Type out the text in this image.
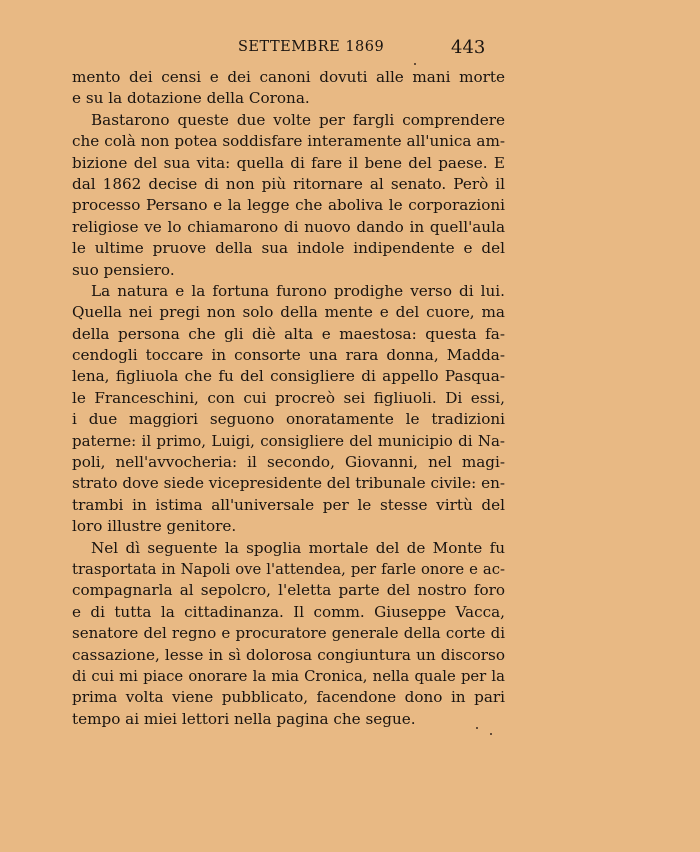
SETTEMBRE 1869	443
mento dei censi e dei canoni dovuti alle mani morte
e su la dotazione della Corona.
Bastarono queste due volte per fargli comprendere
che colà non potea soddisfare interamente all'unica am-
bizione del sua vita: quella di fare il bene del paese. E
dal 1862 decise di non più ritornare al senato. Però il
processo Persano e la legge che aboliva le corporazioni
religiose ve lo chiamarono di nuovo dando in quell'aula
le ultime pruove della sua indole indipendente e del
suo pensiero.
La natura e la fortuna furono prodighe verso di lui.
Quella nei pregi non solo della mente e del cuore, ma
della persona che gli diè alta e maestosa: questa fa-
cendogli toccare in consorte una rara donna, Madda-
lena, figliuola che fu del consigliere di appello Pasqua-
le Franceschini, con cui procreò sei figliuoli. Di essi,
i due maggiori seguono onoratamente le tradizioni
paterne: il primo, Luigi, consigliere del municipio di Na-
poli, nell'avvocheria: il secondo, Giovanni, nel magi-
strato dove siede vicepresidente del tribunale civile: en-
trambi in istima all'universale per le stesse virtù del
loro illustre genitore.
Nel dì seguente la spoglia mortale del de Monte fu
trasportata in Napoli ove l'attendea, per farle onore e ac-
compagnarla al sepolcro, l'eletta parte del nostro foro
e di tutta la cittadinanza. Il comm. Giuseppe Vacca,
senatore del regno e procuratore generale della corte di
cassazione, lesse in sì dolorosa congiuntura un discorso
di cui mi piace onorare la mia Cronica, nella quale per la
prima volta viene pubblicato, facendone dono in pari
tempo ai miei lettori nella pagina che segue.
